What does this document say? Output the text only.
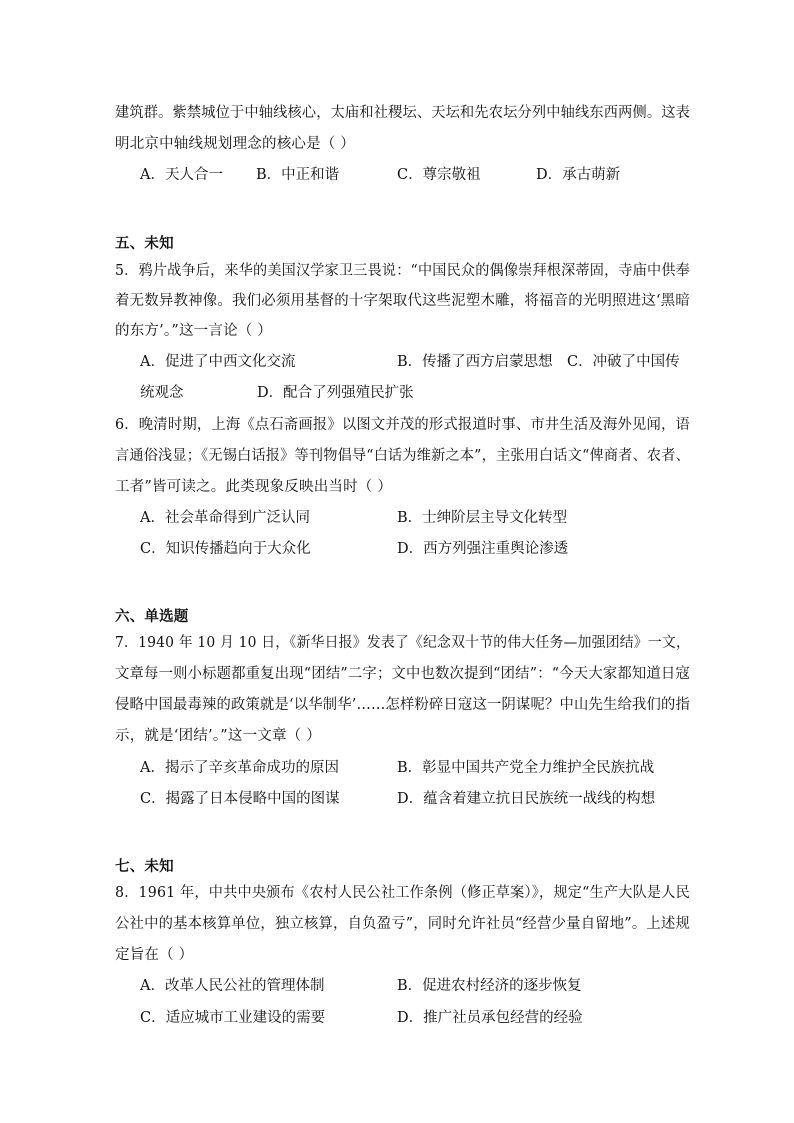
建筑群。紫禁城位于中轴线核心，太庙和社稷坛、天坛和先农坛分列中轴线东西两侧。这表
明北京中轴线规划理念的核心是（ ）
A．天人合一 B．中正和谐	C．尊宗敬祖	D．承古萌新
五、未知
5．鸦片战争后，来华的美国汉学家卫三畏说：“中国民众的偶像崇拜根深蒂固，寺庙中供奉
着无数异教神像。我们必须用基督的十字架取代这些泥塑木雕，将福音的光明照进这‘黑暗
的东方’。”这一言论（ ）
A．促进了中西文化交流	B．传播了西方启蒙思想 C．冲破了中国传
统观念	D．配合了列强殖民扩张
6．晚清时期，上海《点石斋画报》以图文并茂的形式报道时事、市井生活及海外见闻，语
言通俗浅显；《无锡白话报》等刊物倡导“白话为维新之本”，主张用白话文“俾商者、农者、
工者”皆可读之。此类现象反映出当时（ ）
A．社会革命得到广泛认同	B．士绅阶层主导文化转型
C．知识传播趋向于大众化	D．西方列强注重舆论渗透
六、单选题
7．1940 年 10 月 10 日，《新华日报》发表了《纪念双十节的伟大任务—加强团结》一文，
文章每一则小标题都重复出现“团结”二字；文中也数次提到“团结”：“今天大家都知道日寇
侵略中国最毒辣的政策就是‘以华制华’……怎样粉碎日寇这一阴谋呢？中山先生给我们的指
示，就是‘团结’。”这一文章（ ）
A．揭示了辛亥革命成功的原因	B．彰显中国共产党全力维护全民族抗战
C．揭露了日本侵略中国的图谋	D．蕴含着建立抗日民族统一战线的构想
七、未知
8．1961 年，中共中央颁布《农村人民公社工作条例（修正草案）》，规定“生产大队是人民
公社中的基本核算单位，独立核算，自负盈亏”，同时允许社员“经营少量自留地”。上述规
定旨在（ ）
A．改革人民公社的管理体制	B．促进农村经济的逐步恢复
C．适应城市工业建设的需要	D．推广社员承包经营的经验
